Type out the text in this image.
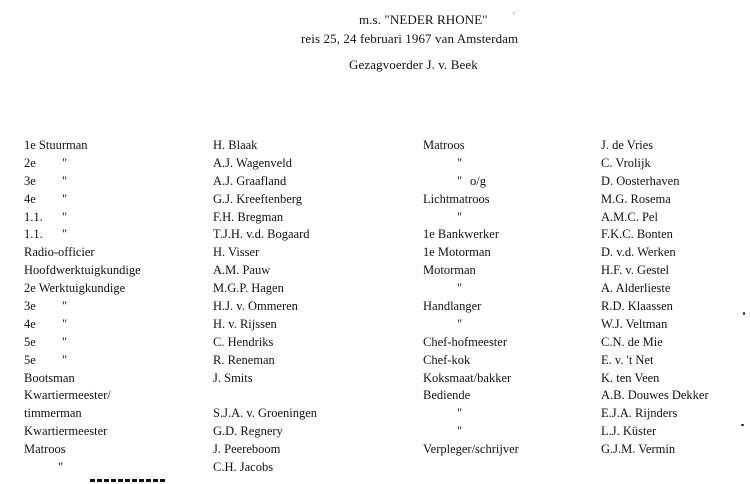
m.s. "NEDER RHONE"	'
reis 25, 24 februari 1967 van Amsterdam
Gezagvoerder J. v. Beek
1e Stuurman
2e "
3e "
4e "
1.1. "
1.1. "
Radio-officier
Hoofdwerktuigkundige
2e Werktuigkundige
3e "
4e "
5e "
5e "
Bootsman
Kwartiermeester/
timmerman
Kwartiermeester
Matroos
"
H. Blaak
A.J. Wagenveld
A.J. Graafland
G.J. Kreeftenberg
F.H. Bregman
T.J.H. v.d. Bogaard
H. Visser
A.M. Pauw
M.G.P. Hagen
H.J. v. Ommeren
H. v. Rijssen
C. Hendriks
R. Reneman
J. Smits
S.J.A. v. Groeningen
G.D. Regnery
J. Peereboom
C.H. Jacobs
Matroos
"
" o/g
Lichtmatroos
"
1e Bankwerker
1e Motorman
Motorman
"
Handlanger
"
Chef-hofmeester
Chef-kok
Koksmaat/bakker
Bediende
"
"
Verpleger/schrijver
J. de Vries
C. Vrolijk
D. Oosterhaven
M.G. Rosema
A.M.C. Pel
F.K.C. Bonten
D. v.d. Werken
H.F. v. Gestel
A. Alderlieste
R.D. Klaassen
W.J. Veltman
C.N. de Mie
E. v. 't Net
K. ten Veen
A.B. Douwes Dekker
E.J.A. Rijnders
L.J. Küster
G.J.M. Vermin
